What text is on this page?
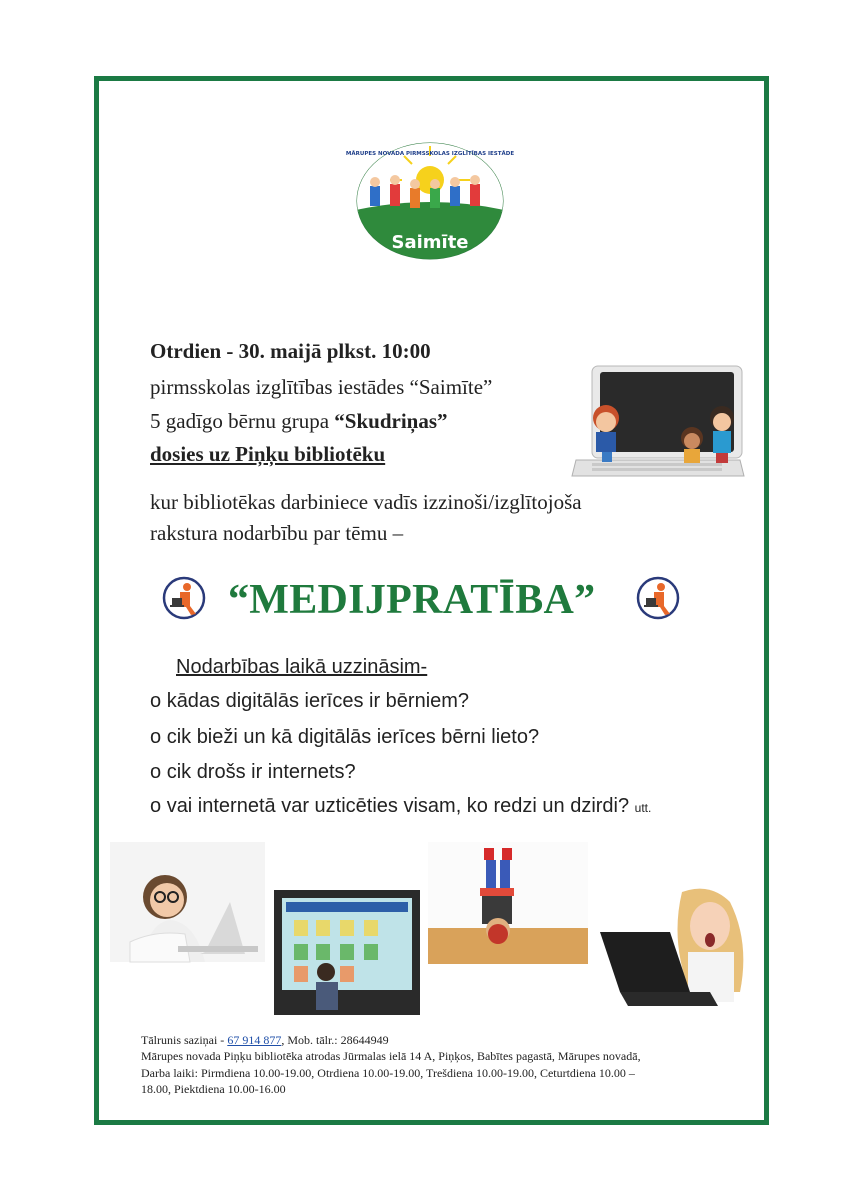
MĀRUPES NOVADA PIRMSSKOLAS IZGLĪTĪBAS IESTĀDE
Saimīte
Otrdien - 30. maijā plkst. 10:00
pirmsskolas izglītības iestādes “Saimīte”
5 gadīgo bērnu grupa “Skudriņas”
dosies uz Piņķu bibliotēku
kur bibliotēkas darbiniece vadīs izzinoši/izglītojoša
rakstura nodarbību par tēmu –
“MEDIJPRATĪBA”
Nodarbības laikā uzzināsim-
o kādas digitālās ierīces ir bērniem?
o cik bieži un kā digitālās ierīces bērni lieto?
o cik drošs ir internets?
o vai internetā var uzticēties visam, ko redzi un dzirdi? utt.
Tālrunis saziņai - 67 914 877, Mob. tālr.: 28644949
Mārupes novada Piņķu bibliotēka atrodas Jūrmalas ielā 14 A, Piņķos, Babītes pagastā, Mārupes novadā,
Darba laiki: Pirmdiena 10.00-19.00, Otrdiena 10.00-19.00, Trešdiena 10.00-19.00, Ceturtdiena 10.00 –
18.00, Piektdiena 10.00-16.00
